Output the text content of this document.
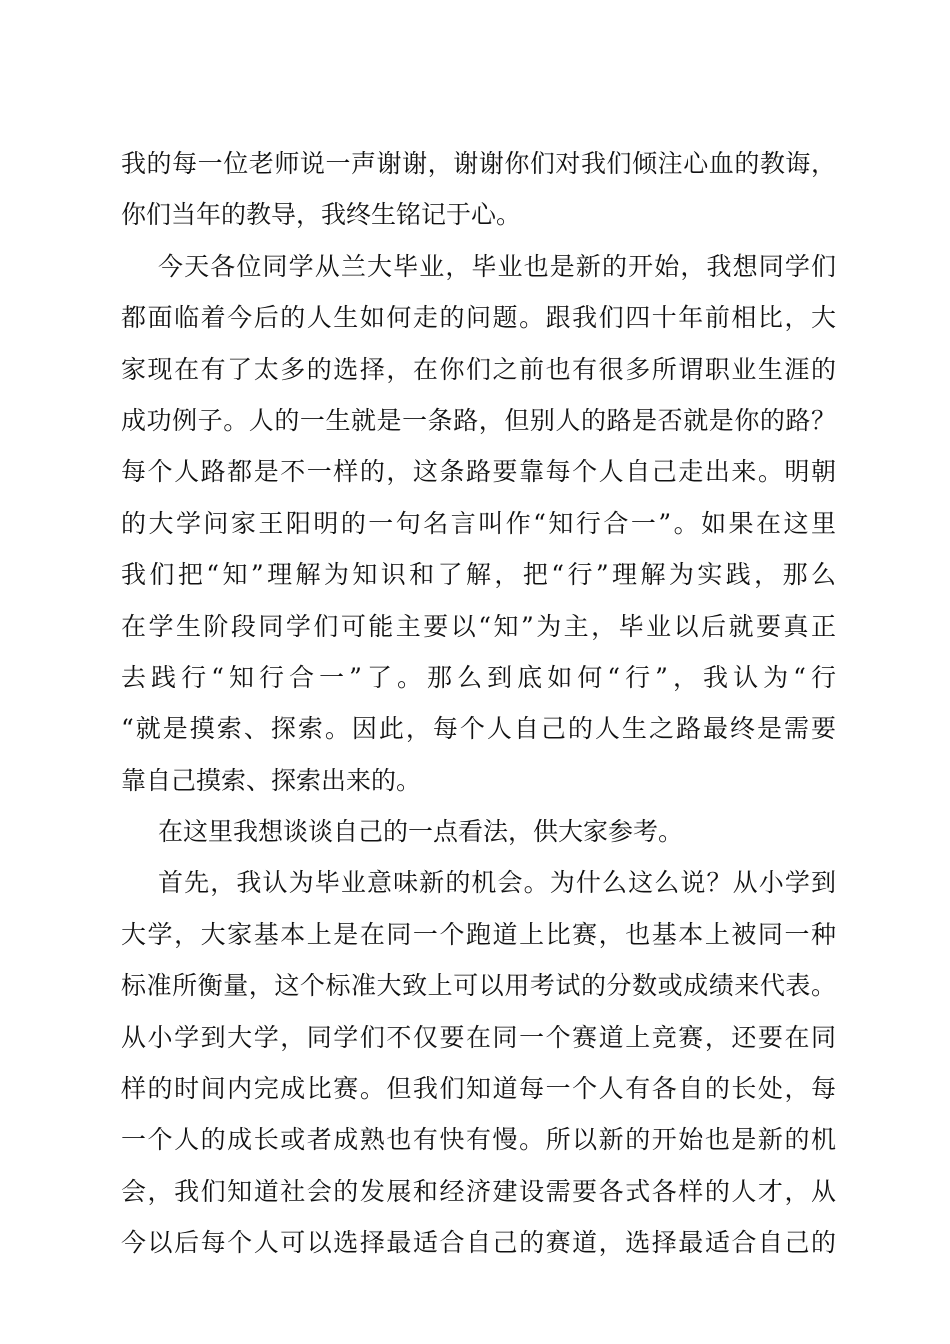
我的每一位老师说一声谢谢，谢谢你们对我们倾注心血的教诲，
你们当年的教导，我终生铭记于心。
今天各位同学从兰大毕业，毕业也是新的开始，我想同学们
都面临着今后的人生如何走的问题。跟我们四十年前相比，大
家现在有了太多的选择，在你们之前也有很多所谓职业生涯的
成功例子。人的一生就是一条路，但别人的路是否就是你的路？
每个人路都是不一样的，这条路要靠每个人自己走出来。明朝
的大学问家王阳明的一句名言叫作“知行合一”。如果在这里
我们把“知”理解为知识和了解，把“行”理解为实践，那么
在学生阶段同学们可能主要以“知”为主，毕业以后就要真正
去践行“知行合一”了。那么到底如何“行”，我认为“行
“就是摸索、探索。因此，每个人自己的人生之路最终是需要
靠自己摸索、探索出来的。
在这里我想谈谈自己的一点看法，供大家参考。
首先，我认为毕业意味新的机会。为什么这么说？从小学到
大学，大家基本上是在同一个跑道上比赛，也基本上被同一种
标准所衡量，这个标准大致上可以用考试的分数或成绩来代表。
从小学到大学，同学们不仅要在同一个赛道上竞赛，还要在同
样的时间内完成比赛。但我们知道每一个人有各自的长处，每
一个人的成长或者成熟也有快有慢。所以新的开始也是新的机
会，我们知道社会的发展和经济建设需要各式各样的人才，从
今以后每个人可以选择最适合自己的赛道，选择最适合自己的
